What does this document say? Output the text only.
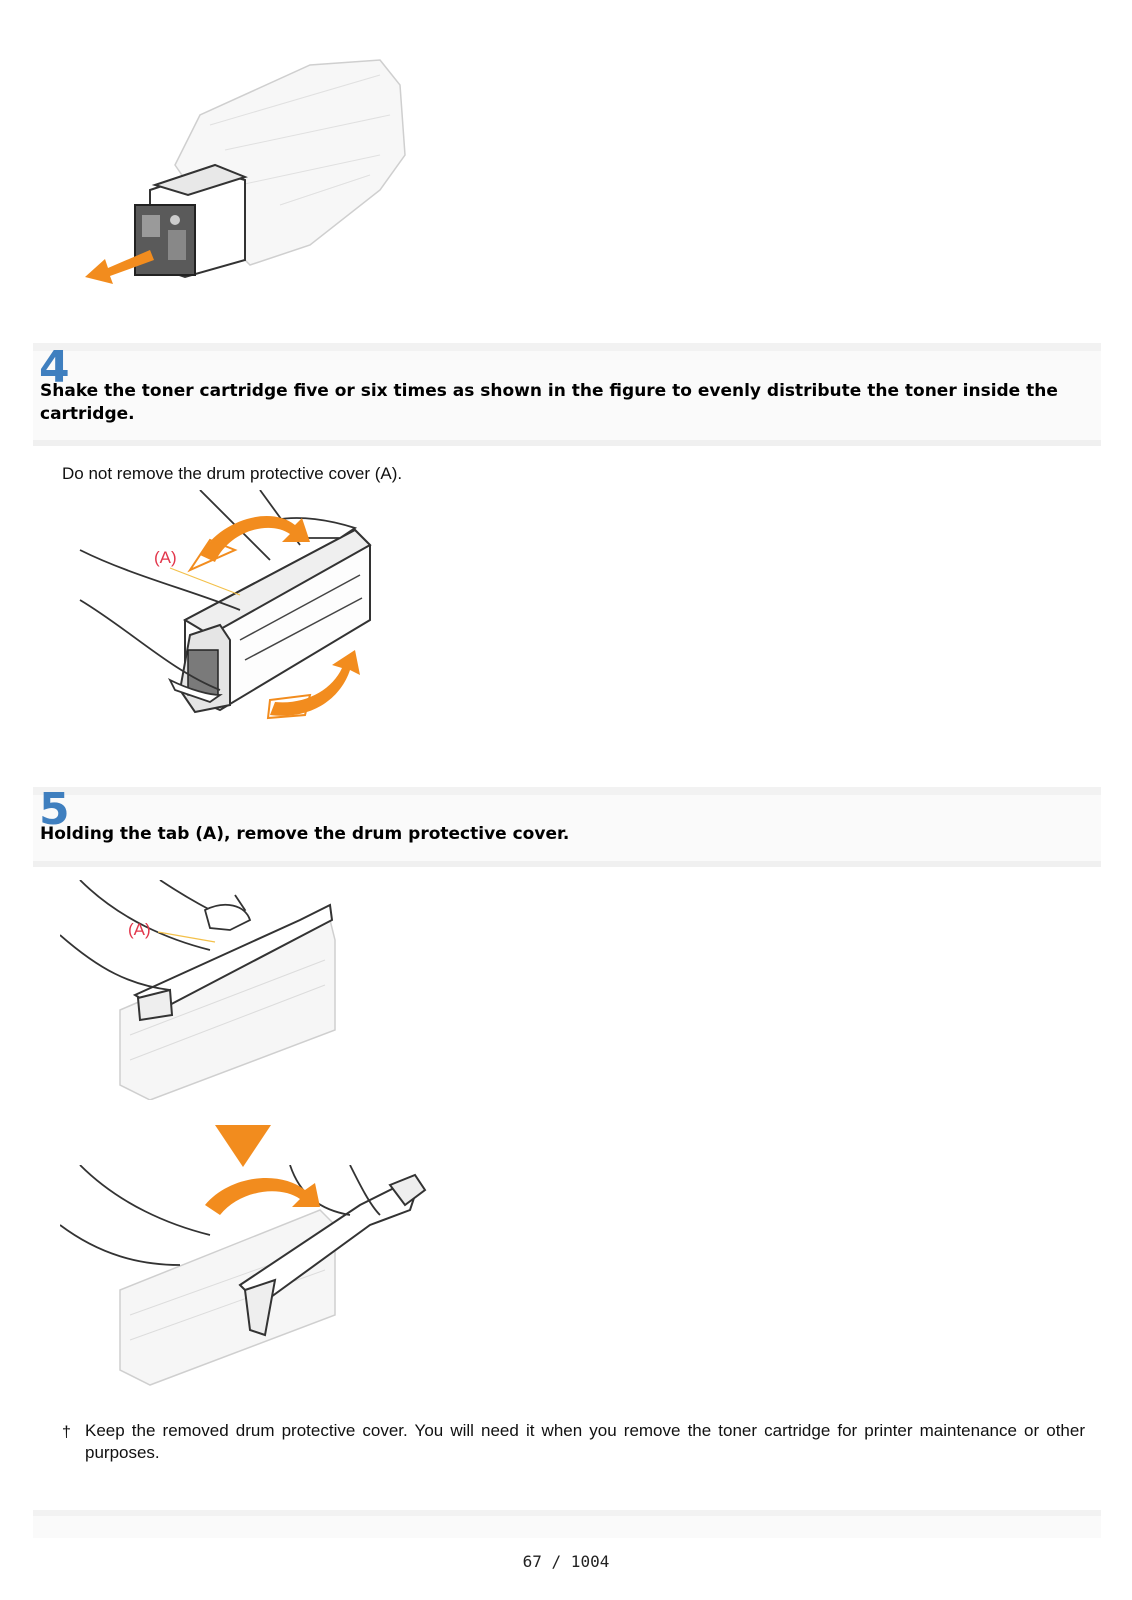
4
Shake the toner cartridge five or six times as shown in the figure to evenly distribute the toner inside the cartridge.
Do not remove the drum protective cover (A).
(A)
5
Holding the tab (A), remove the drum protective cover.
(A)
† Keep the removed drum protective cover. You will need it when you remove the toner cartridge for printer maintenance or other purposes.
67 / 1004
